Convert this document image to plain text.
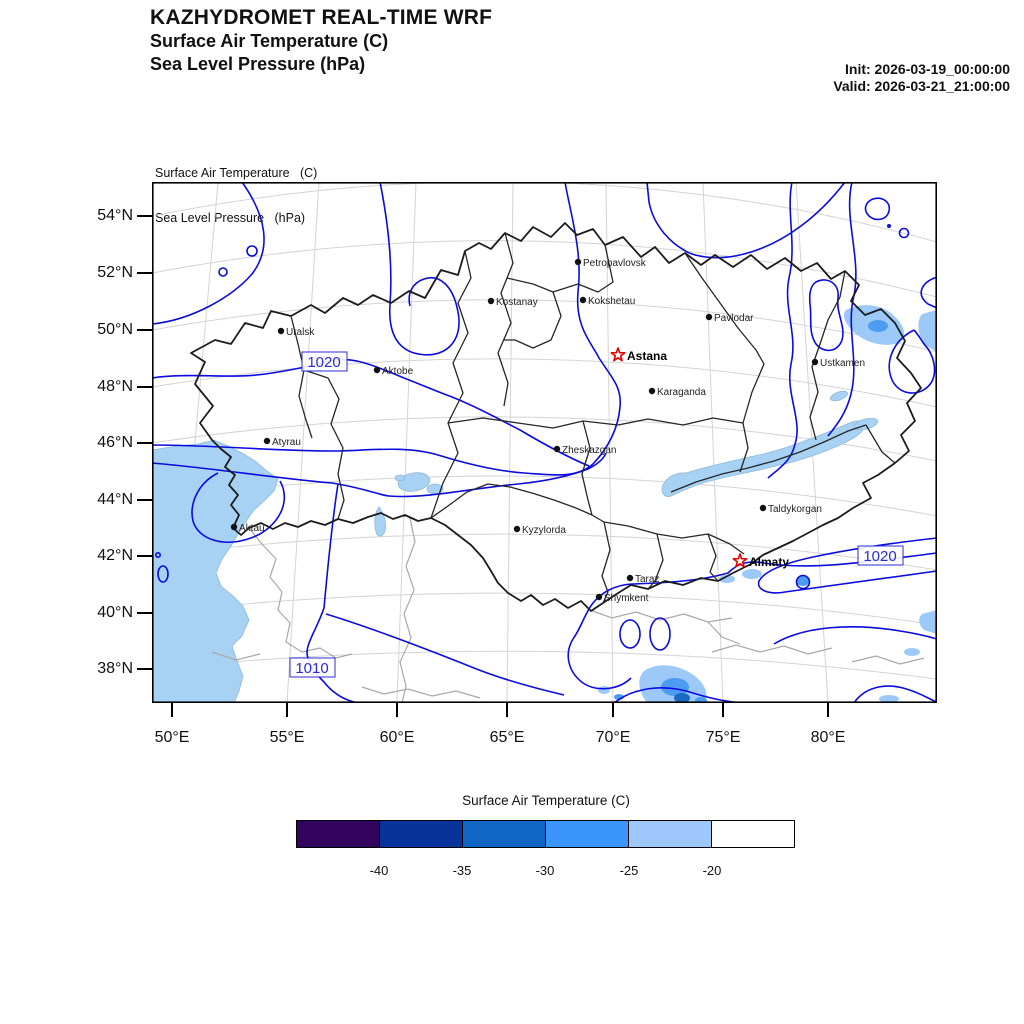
KAZHYDROMET REAL-TIME WRF
Surface Air Temperature (C)
Sea Level Pressure (hPa)	Init: 2026-03-19_00:00:00
Valid: 2026-03-21_21:00:00

Surface Air Temperature   (C)

Sea Level Pressure   (hPa)

54°N
52°N
50°N
48°N
46°N
44°N
42°N
40°N
38°N
50°E	55°E	60°E	65°E	70°E	75°E	80°E
1020
1010
1020
Petropavlovsk
Kostanay	Kokshetau
Pavlodar
Uralsk
Aktobe
Karaganda
Ustkamen
Atyrau
Zheskazgan
Taldykorgan
Aktau	Kyzylorda
Taraz
Shymkent
Astana
Almaty
Surface Air Temperature (C)
-40	-35	-30	-25	-20
